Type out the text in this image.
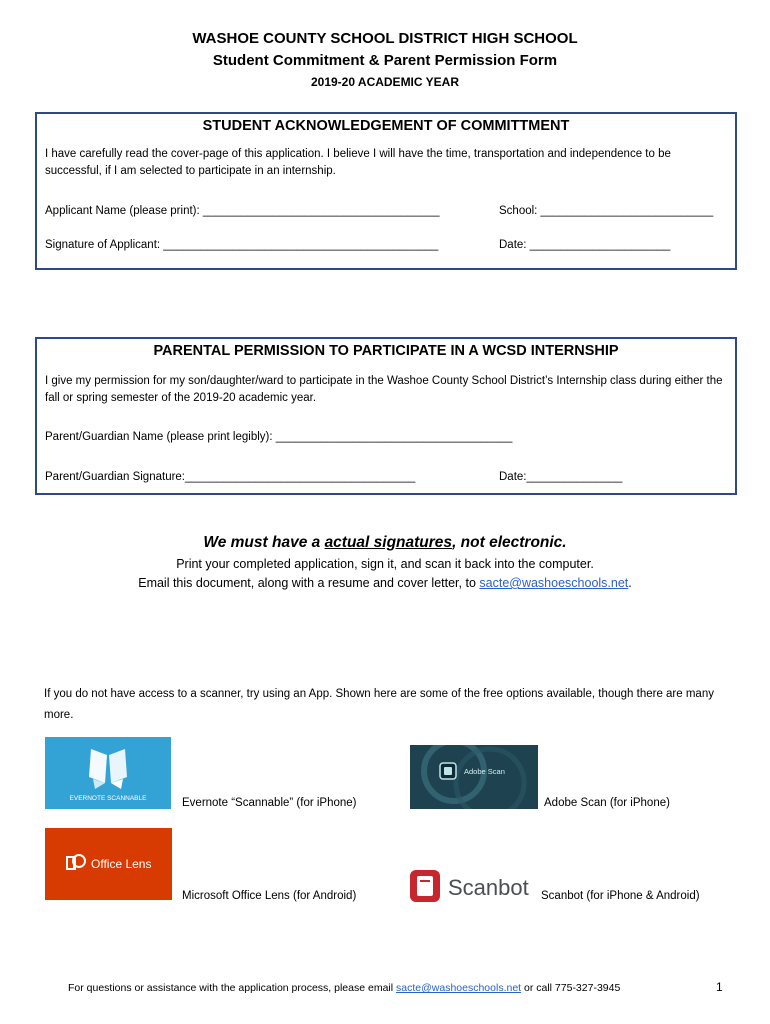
WASHOE COUNTY SCHOOL DISTRICT HIGH SCHOOL
Student Commitment & Parent Permission Form
2019-20 ACADEMIC YEAR
STUDENT ACKNOWLEDGEMENT OF COMMITTMENT
I have carefully read the cover-page of this application. I believe I will have the time, transportation and independence to be successful, if I am selected to participate in an internship.
Applicant Name (please print): _____________________________________	School: ___________________________
Signature of Applicant: ___________________________________________	Date: ______________________
PARENTAL PERMISSION TO PARTICIPATE IN A WCSD INTERNSHIP
I give my permission for my son/daughter/ward to participate in the Washoe County School District’s Internship class during either the fall or spring semester of the 2019-20 academic year.
Parent/Guardian Name (please print legibly): _____________________________________
Parent/Guardian Signature:____________________________________	Date:_______________
We must have a actual signatures, not electronic.
Print your completed application, sign it, and scan it back into the computer.
Email this document, along with a resume and cover letter, to sacte@washoeschools.net.
If you do not have access to a scanner, try using an App. Shown here are some of the free options available, though there are many more.
EVERNOTE SCANNABLE	Evernote “Scannable” (for iPhone)
Adobe Scan
Adobe Scan (for iPhone)
Office Lens
Microsoft Office Lens (for Android)	Scanbot Scanbot (for iPhone & Android)
For questions or assistance with the application process, please email sacte@washoeschools.net or call 775-327-3945	1
